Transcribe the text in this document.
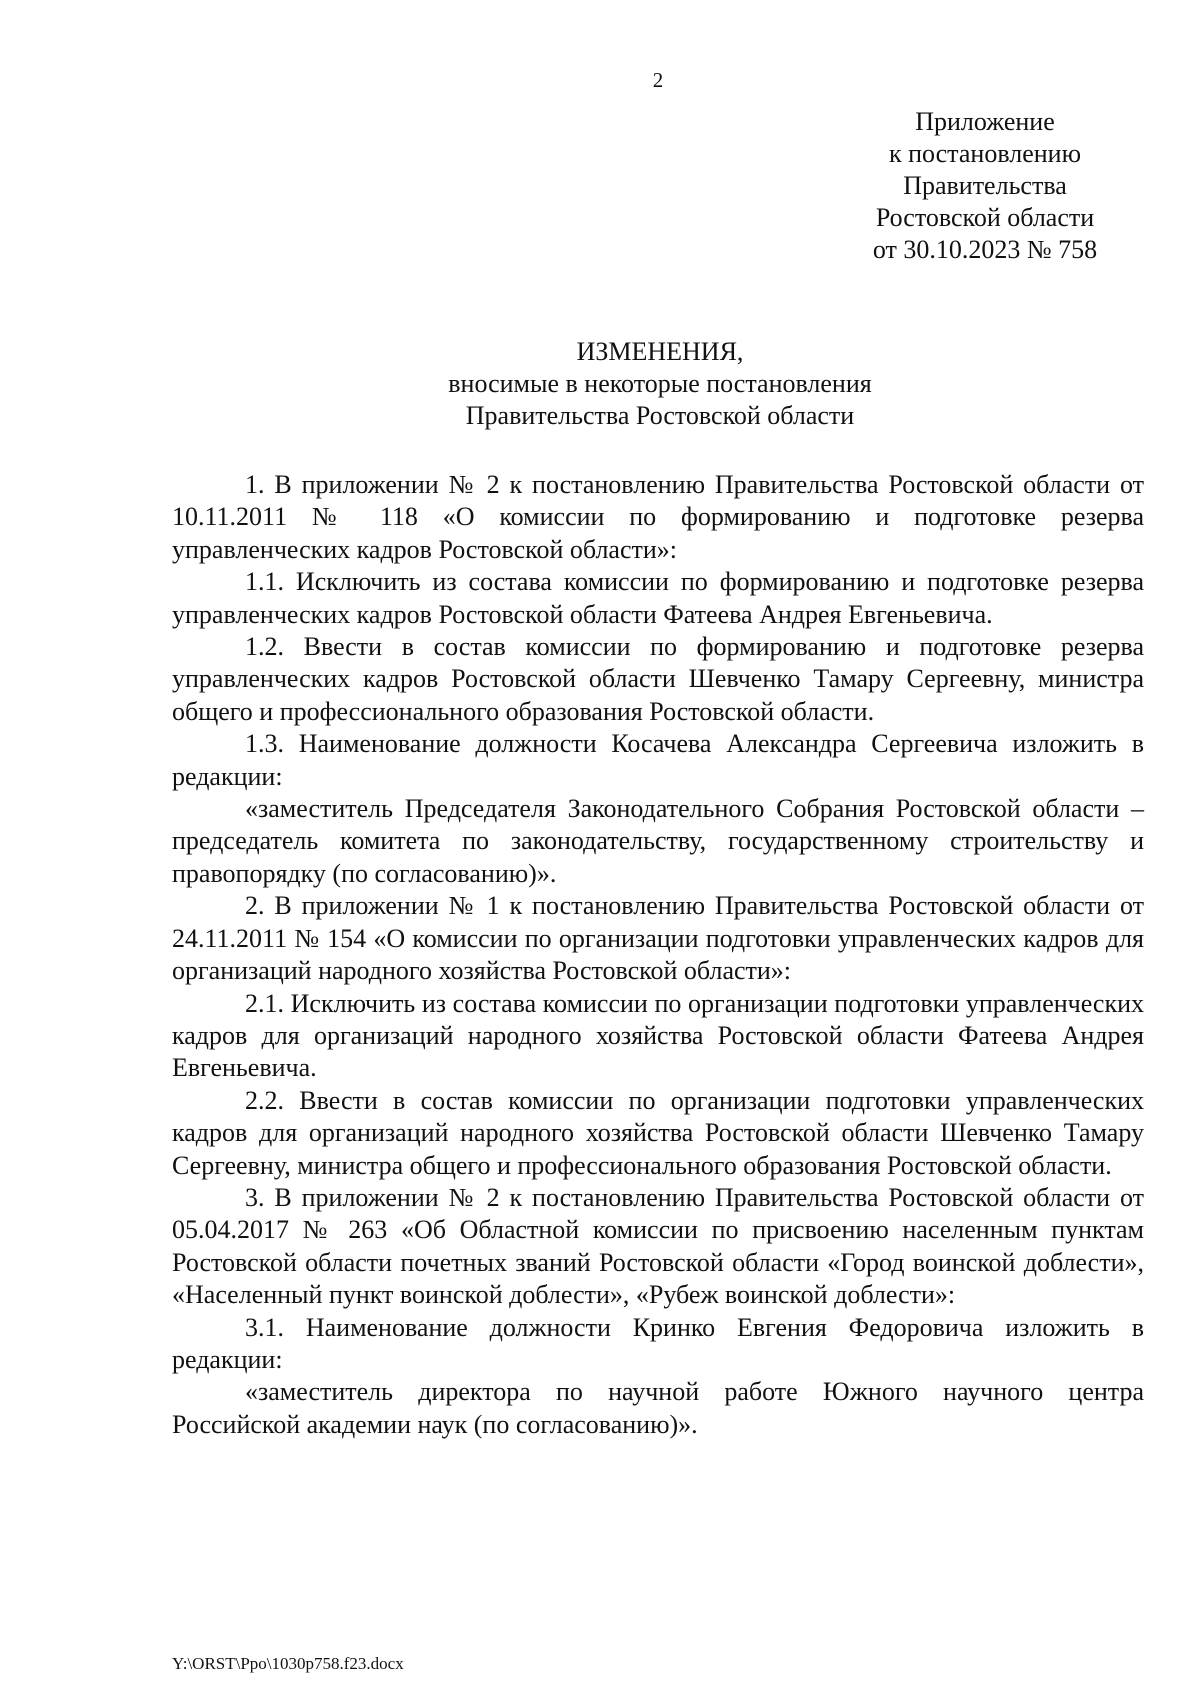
2
Приложение
к постановлению
Правительства
Ростовской области
от 30.10.2023 № 758
ИЗМЕНЕНИЯ,
вносимые в некоторые постановления
Правительства Ростовской области

1. В приложении № 2 к постановлению Правительства Ростовской области от 10.11.2011 № 118 «О комиссии по формированию и подготовке резерва управленческих кадров Ростовской области»:

1.1. Исключить из состава комиссии по формированию и подготовке резерва управленческих кадров Ростовской области Фатеева Андрея Евгеньевича.

1.2. Ввести в состав комиссии по формированию и подготовке резерва управленческих кадров Ростовской области Шевченко Тамару Сергеевну, министра общего и профессионального образования Ростовской области.

1.3. Наименование должности Косачева Александра Сергеевича изложить в редакции:

«заместитель Председателя Законодательного Собрания Ростовской области – председатель комитета по законодательству, государственному строительству и правопорядку (по согласованию)».

2. В приложении № 1 к постановлению Правительства Ростовской области от 24.11.2011 № 154 «О комиссии по организации подготовки управленческих кадров для организаций народного хозяйства Ростовской области»:

2.1. Исключить из состава комиссии по организации подготовки управленческих кадров для организаций народного хозяйства Ростовской области Фатеева Андрея Евгеньевича.

2.2. Ввести в состав комиссии по организации подготовки управленческих кадров для организаций народного хозяйства Ростовской области Шевченко Тамару Сергеевну, министра общего и профессионального образования Ростовской области.

3. В приложении № 2 к постановлению Правительства Ростовской области от 05.04.2017 № 263 «Об Областной комиссии по присвоению населенным пунктам Ростовской области почетных званий Ростовской области «Город воинской доблести», «Населенный пункт воинской доблести», «Рубеж воинской доблести»:

3.1. Наименование должности Кринко Евгения Федоровича изложить в редакции:

«заместитель директора по научной работе Южного научного центра Российской академии наук (по согласованию)».

Y:\ORST\Ppo\1030p758.f23.docx
